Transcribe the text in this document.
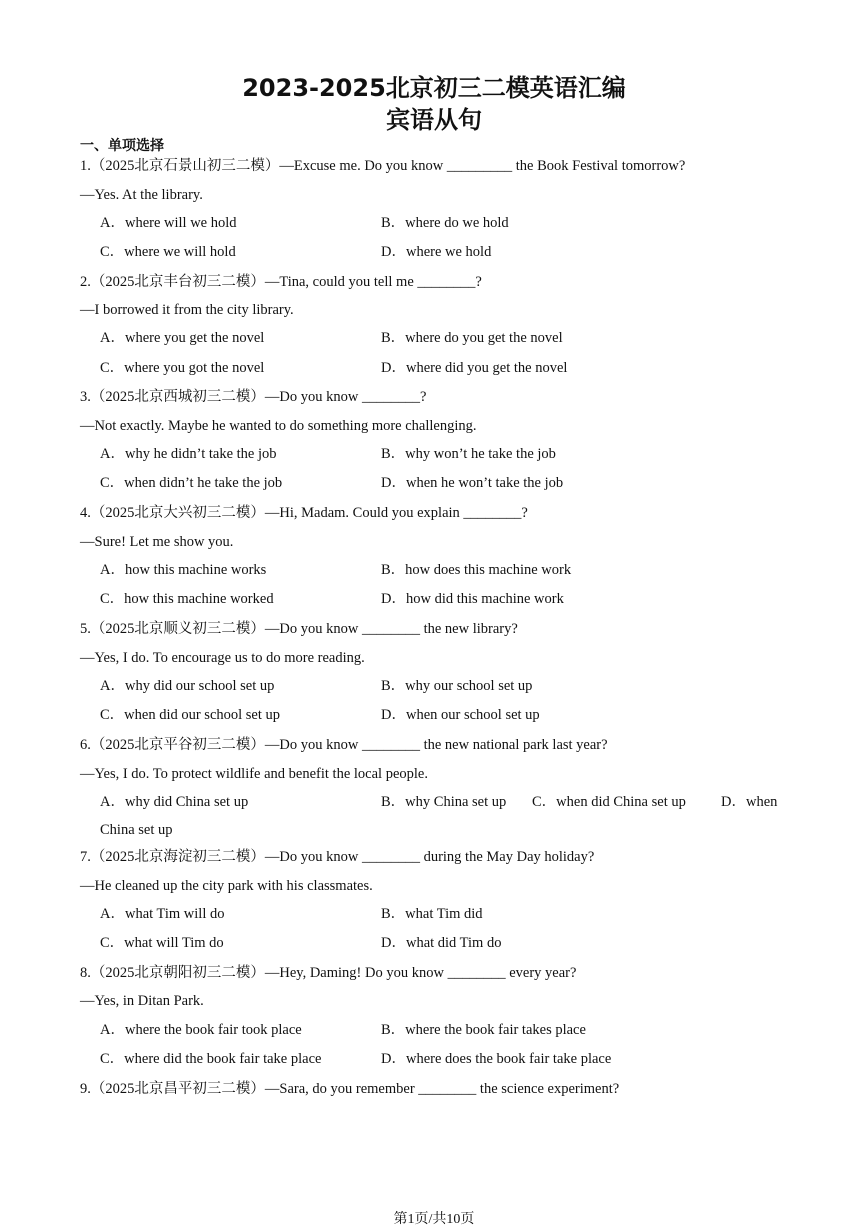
2023-2025北京初三二模英语汇编
宾语从句
一、单项选择
1.（2025北京石景山初三二模）—Excuse me. Do you know _________ the Book Festival tomorrow?
—Yes. At the library.
A．where will we hold	B．where do we hold
C．where we will hold	D．where we hold
2.（2025北京丰台初三二模）—Tina, could you tell me ________?
—I borrowed it from the city library.
A．where you get the novel	B．where do you get the novel
C．where you got the novel	D．where did you get the novel
3.（2025北京西城初三二模）—Do you know ________?
—Not exactly. Maybe he wanted to do something more challenging.
A．why he didn’t take the job	B．why won’t he take the job
C．when didn’t he take the job	D．when he won’t take the job
4.（2025北京大兴初三二模）—Hi, Madam. Could you explain ________?
—Sure! Let me show you.
A．how this machine works	B．how does this machine work
C．how this machine worked	D．how did this machine work
5.（2025北京顺义初三二模）—Do you know ________ the new library?
—Yes, I do. To encourage us to do more reading.
A．why did our school set up	B．why our school set up
C．when did our school set up	D．when our school set up
6.（2025北京平谷初三二模）—Do you know ________ the new national park last year?
—Yes, I do. To protect wildlife and benefit the local people.
A．why did China set up	B．why China set up C．when did China set up D．when
China set up
7.（2025北京海淀初三二模）—Do you know ________ during the May Day holiday?
—He cleaned up the city park with his classmates.
A．what Tim will do	B．what Tim did
C．what will Tim do	D．what did Tim do
8.（2025北京朝阳初三二模）—Hey, Daming! Do you know ________ every year?
—Yes, in Ditan Park.
A．where the book fair took place	B．where the book fair takes place
C．where did the book fair take place	D．where does the book fair take place
9.（2025北京昌平初三二模）—Sara, do you remember ________ the science experiment?
第1页/共10页
